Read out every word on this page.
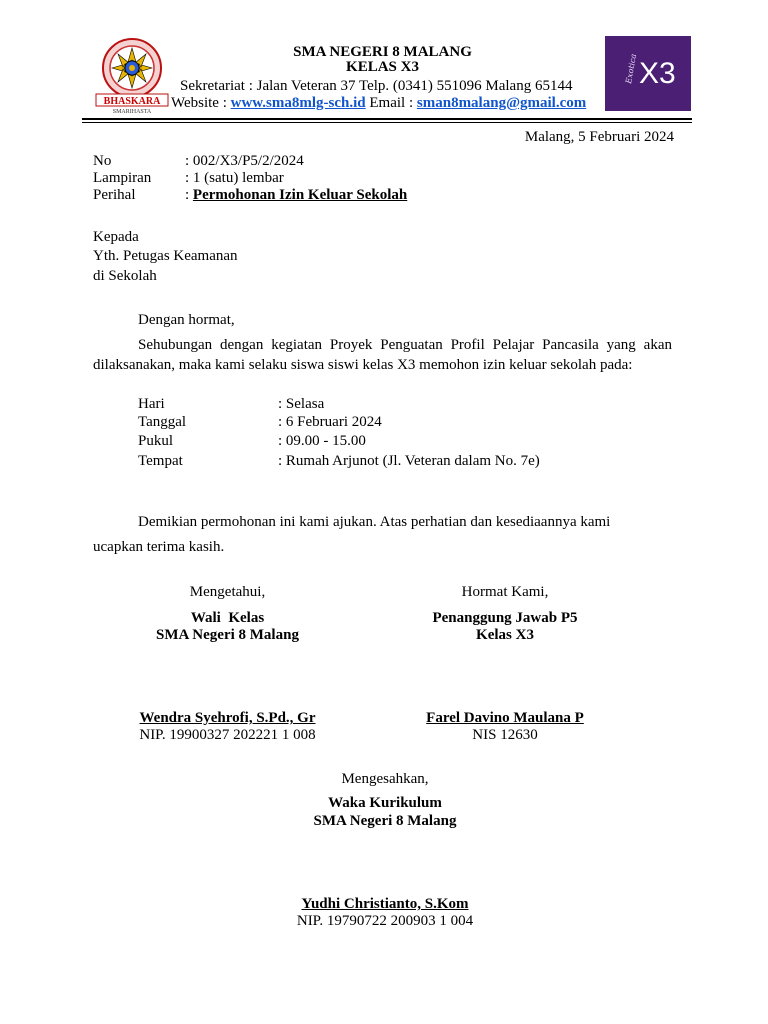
BHASKARA
SMARIHASTA
SMA NEGERI 8 MALANG
KELAS X3
Sekretariat : Jalan Veteran 37 Telp. (0341) 551096 Malang 65144
Website : www.sma8mlg-sch.id Email : sman8malang@gmail.com
Exotica X3
Malang, 5 Februari 2024
No	: 002/X3/P5/2/2024
Lampiran : 1 (satu) lembar
Perihal	: Permohonan Izin Keluar Sekolah
Kepada
Yth. Petugas Keamanan
di Sekolah
Dengan hormat,
Sehubungan dengan kegiatan Proyek Penguatan Profil Pelajar Pancasila yang akan
dilaksanakan, maka kami selaku siswa siswi kelas X3 memohon izin keluar sekolah pada:
Hari	: Selasa
Tanggal	: 6 Februari 2024
Pukul	: 09.00 - 15.00
Tempat	: Rumah Arjunot (Jl. Veteran dalam No. 7e)
Demikian permohonan ini kami ajukan. Atas perhatian dan kesediaannya kami
ucapkan terima kasih.
Mengetahui,
Wali  Kelas
SMA Negeri 8 Malang
Wendra Syehrofi, S.Pd., Gr
NIP. 19900327 202221 1 008
Hormat Kami,
Penanggung Jawab P5
Kelas X3
Farel Davino Maulana P
NIS 12630
Mengesahkan,
Waka Kurikulum
SMA Negeri 8 Malang
Yudhi Christianto, S.Kom
NIP. 19790722 200903 1 004
